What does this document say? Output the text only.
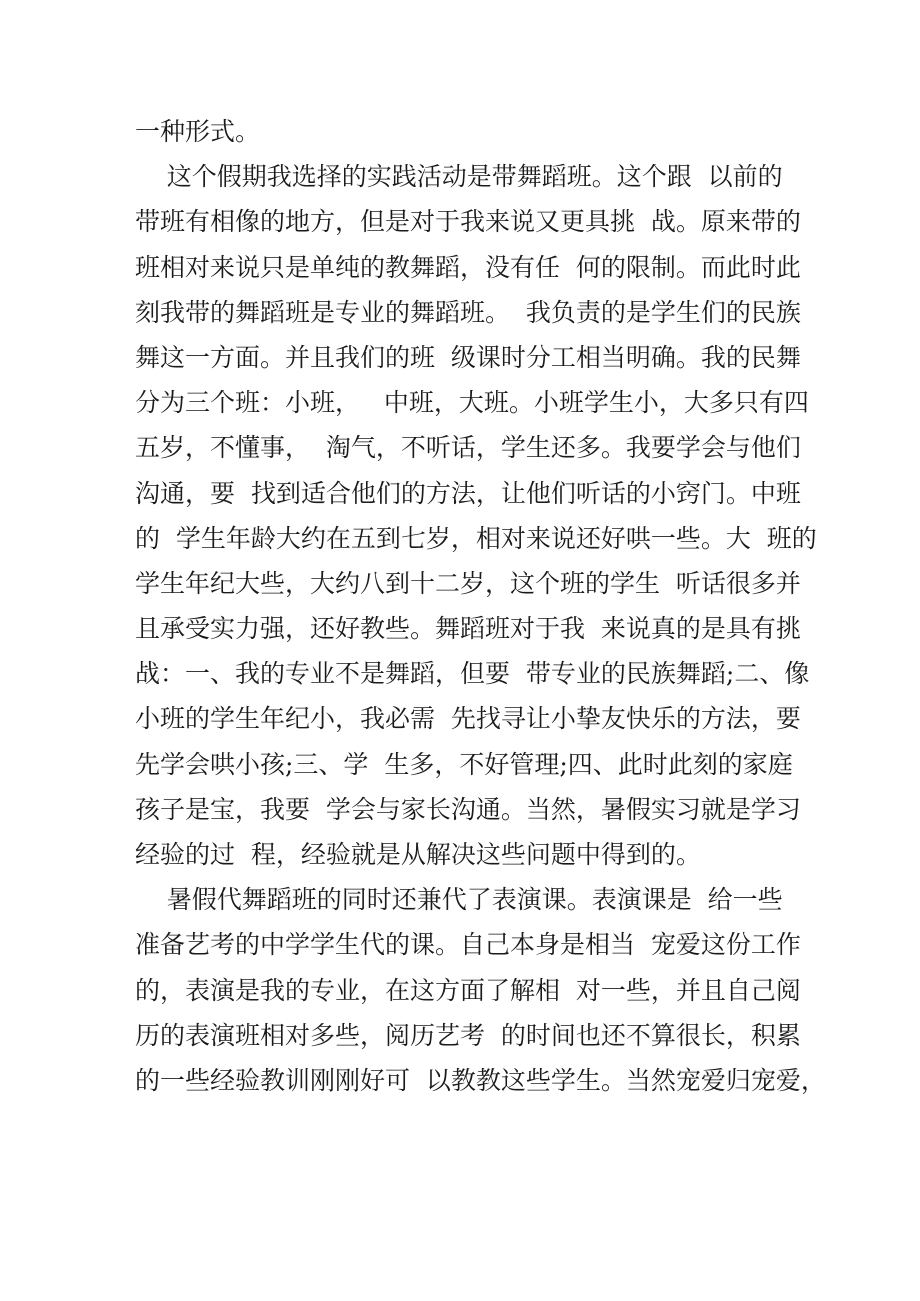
一种形式。
这个假期我选择的实践活动是带舞蹈班。这个跟  以前的
带班有相像的地方，但是对于我来说又更具挑  战。原来带的
班相对来说只是单纯的教舞蹈，没有任  何的限制。而此时此
刻我带的舞蹈班是专业的舞蹈班。  我负责的是学生们的民族
舞这一方面。并且我们的班  级课时分工相当明确。我的民舞
分为三个班：小班，   中班，大班。小班学生小，大多只有四
五岁，不懂事，  淘气，不听话，学生还多。我要学会与他们
沟通，要  找到适合他们的方法，让他们听话的小窍门。中班
的  学生年龄大约在五到七岁，相对来说还好哄一些。大  班的
学生年纪大些，大约八到十二岁，这个班的学生  听话很多并
且承受实力强，还好教些。舞蹈班对于我  来说真的是具有挑
战：一、我的专业不是舞蹈，但要  带专业的民族舞蹈;二、像
小班的学生年纪小，我必需  先找寻让小挚友快乐的方法，要
先学会哄小孩;三、学  生多，不好管理;四、此时此刻的家庭
孩子是宝，我要  学会与家长沟通。当然，暑假实习就是学习
经验的过  程，经验就是从解决这些问题中得到的。
暑假代舞蹈班的同时还兼代了表演课。表演课是  给一些
准备艺考的中学学生代的课。自己本身是相当  宠爱这份工作
的，表演是我的专业，在这方面了解相  对一些，并且自己阅
历的表演班相对多些，阅历艺考  的时间也还不算很长，积累
的一些经验教训刚刚好可  以教教这些学生。当然宠爱归宠爱，
